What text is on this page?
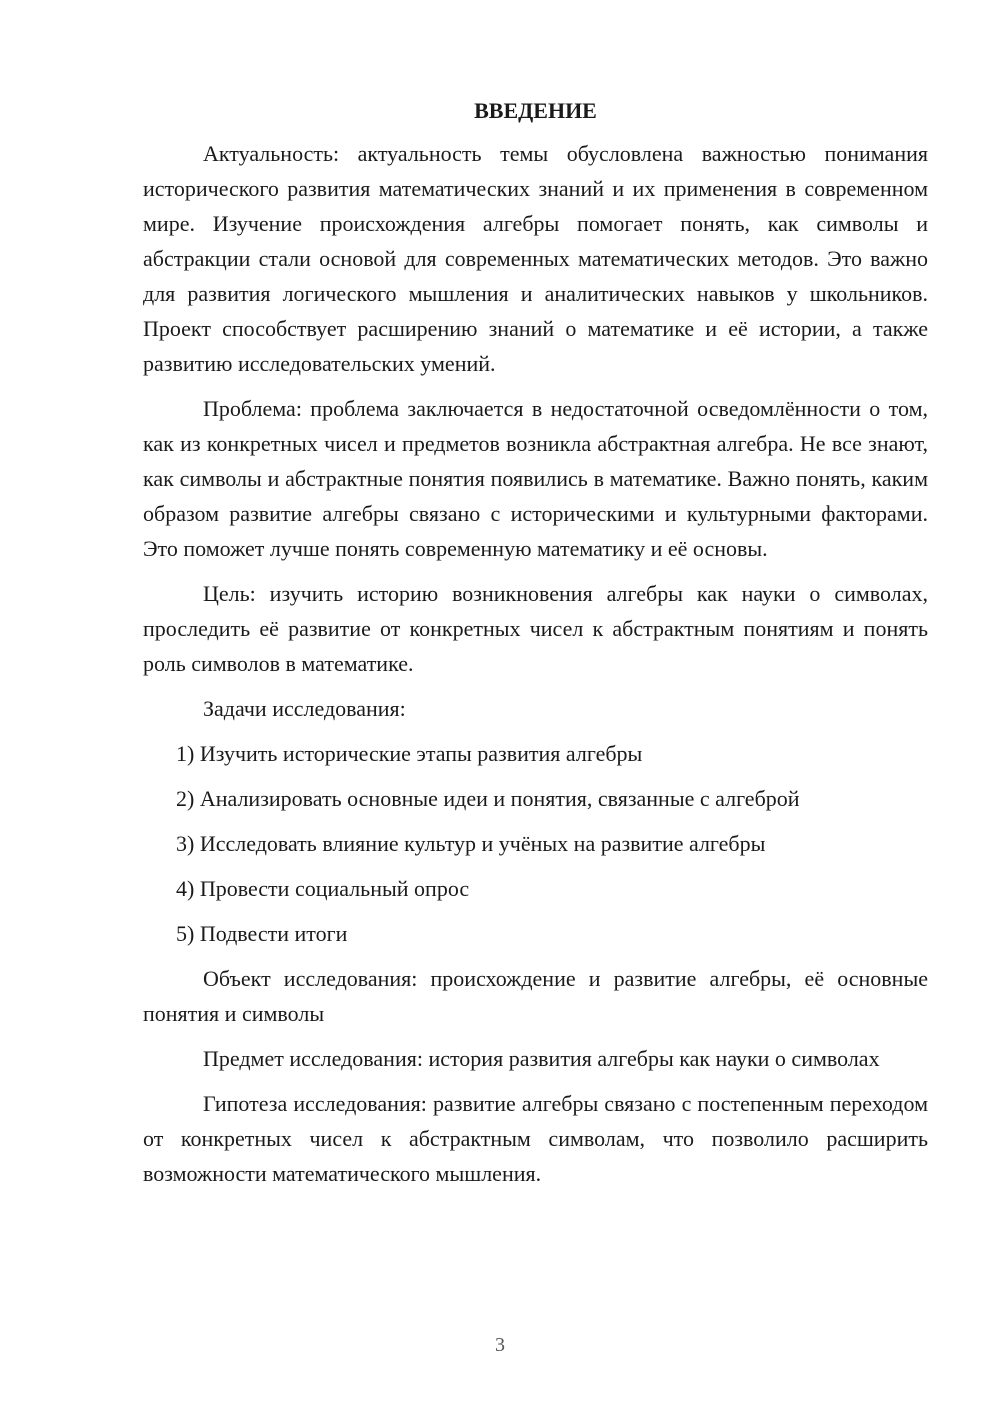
ВВЕДЕНИЕ

Актуальность: актуальность темы обусловлена важностью понимания исторического развития математических знаний и их применения в современном мире. Изучение происхождения алгебры помогает понять, как символы и абстракции стали основой для современных математических методов. Это важно для развития логического мышления и аналитических навыков у школьников. Проект способствует расширению знаний о математике и её истории, а также развитию исследовательских умений.

Проблема: проблема заключается в недостаточной осведомлённости о том, как из конкретных чисел и предметов возникла абстрактная алгебра. Не все знают, как символы и абстрактные понятия появились в математике. Важно понять, каким образом развитие алгебры связано с историческими и культурными факторами. Это поможет лучше понять современную математику и её основы.

Цель: изучить историю возникновения алгебры как науки о символах, проследить её развитие от конкретных чисел к абстрактным понятиям и понять роль символов в математике.

Задачи исследования:
1) Изучить исторические этапы развития алгебры
2) Анализировать основные идеи и понятия, связанные с алгеброй
3) Исследовать влияние культур и учёных на развитие алгебры
4) Провести социальный опрос
5) Подвести итоги

Объект исследования: происхождение и развитие алгебры, её основные понятия и символы

Предмет исследования: история развития алгебры как науки о символах

Гипотеза исследования: развитие алгебры связано с постепенным переходом от конкретных чисел к абстрактным символам, что позволило расширить возможности математического мышления.

3
